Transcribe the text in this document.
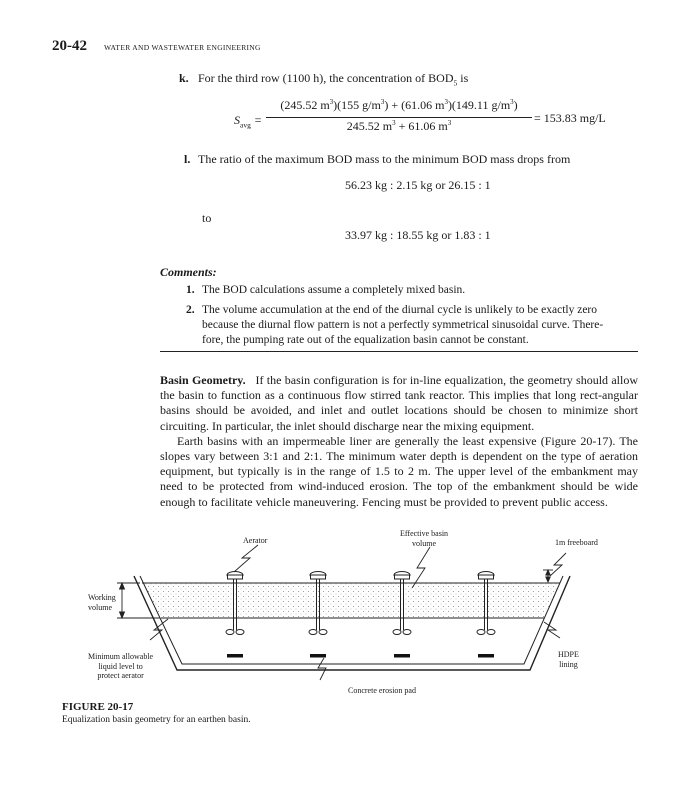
20-42 WATER AND WASTEWATER ENGINEERING
k. For the third row (1100 h), the concentration of $BOD_5$ is
$S_{avg}$ =
(245.52 $m^3)(155$ $g/m^3) + (61.06$ $m^3)(149.11$ $g/m^3$)
245.52 $m^3 + 61.06$ $m^3$	= 153.83 mg/L
l. The ratio of the maximum BOD mass to the minimum BOD mass drops from
56.23 kg : 2.15 kg or 26.15 : 1
to
33.97 kg : 18.55 kg or 1.83 : 1
Comments:
1. The BOD calculations assume a completely mixed basin.
2. The volume accumulation at the end of the diurnal cycle is unlikely to be exactly zero
because the diurnal flow pattern is not a perfectly symmetrical sinusoidal curve. There-
fore, the pumping rate out of the equalization basin cannot be constant.

Basin Geometry. If the basin configuration is for in-line equalization, the geometry should allow the basin to function as a continuous flow stirred tank reactor. This implies that long rect-angular basins should be avoided, and inlet and outlet locations should be chosen to minimize short circuiting. In particular, the inlet should discharge near the mixing equipment.

Earth basins with an impermeable liner are generally the least expensive (Figure 20-17). The slopes vary between 3:1 and 2:1. The minimum water depth is dependent on the type of aeration equipment, but typically is in the range of 1.5 to 2 m. The upper level of the embankment may need to be protected from wind-induced erosion. The top of the embankment should be wide enough to facilitate vehicle maneuvering. Fencing must be provided to prevent public access.

Aerator
Effective basin
volume	1m freeboard
Working
volume
Minimum allowable
liquid level to
protect aerator
HDPE
lining
Concrete erosion pad
FIGURE 20-17
Equalization basin geometry for an earthen basin.
